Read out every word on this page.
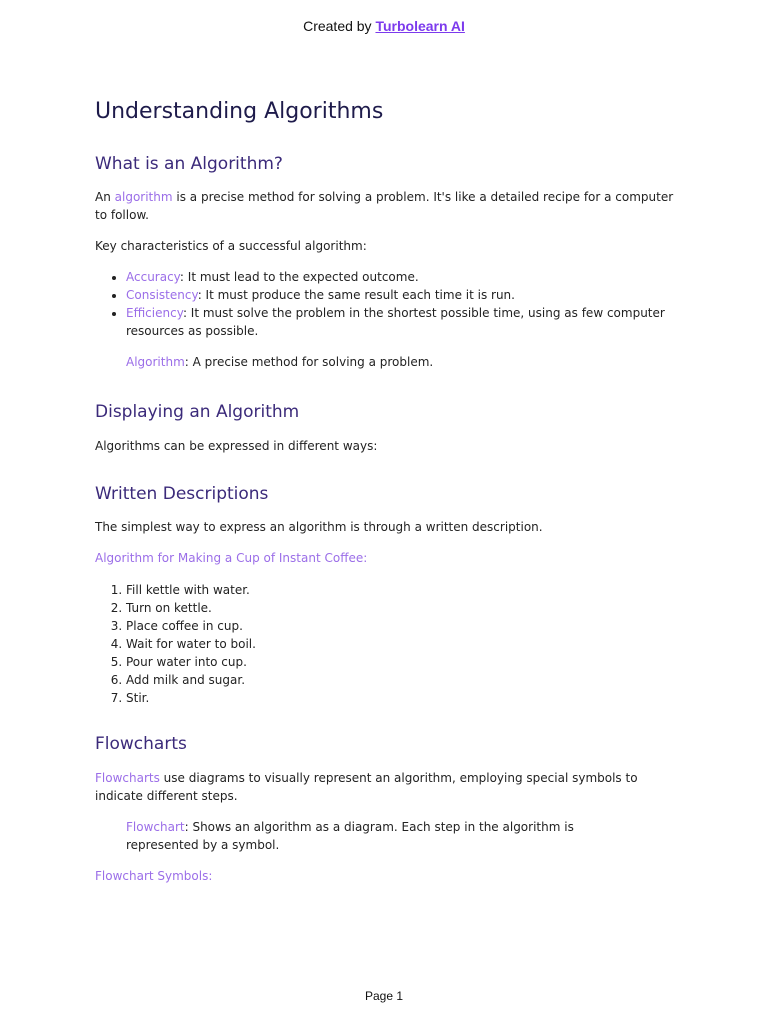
Created by Turbolearn AI
Understanding Algorithms
What is an Algorithm?

An algorithm is a precise method for solving a problem. It's like a detailed recipe for a computer to follow.

Key characteristics of a successful algorithm:

• Accuracy: It must lead to the expected outcome.
• Consistency: It must produce the same result each time it is run.
• Efficiency: It must solve the problem in the shortest possible time, using as few computer resources as possible.

Algorithm: A precise method for solving a problem.

Displaying an Algorithm

Algorithms can be expressed in different ways:

Written Descriptions

The simplest way to express an algorithm is through a written description.

Algorithm for Making a Cup of Instant Coffee:

1. Fill kettle with water.
2. Turn on kettle.
3. Place coffee in cup.
4. Wait for water to boil.
5. Pour water into cup.
6. Add milk and sugar.
7. Stir.
Flowcharts

Flowcharts use diagrams to visually represent an algorithm, employing special symbols to indicate different steps.

Flowchart: Shows an algorithm as a diagram. Each step in the algorithm is represented by a symbol.

Flowchart Symbols:

Page 1
